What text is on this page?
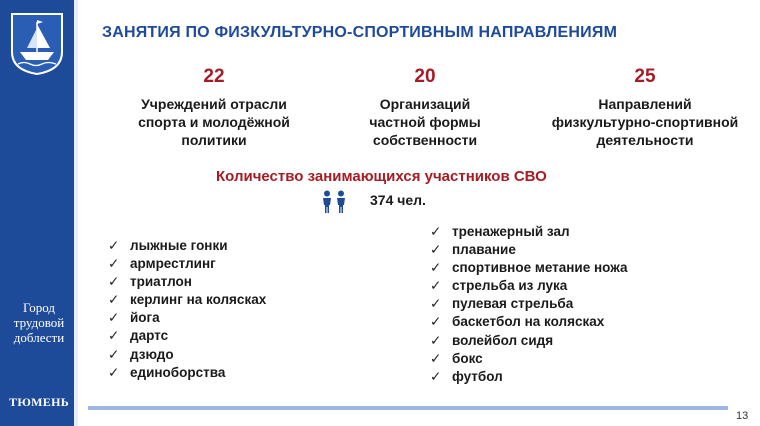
Город
трудовой
доблести
ТЮМЕНЬ
ЗАНЯТИЯ ПО ФИЗКУЛЬТУРНО-СПОРТИВНЫМ НАПРАВЛЕНИЯМ
22
Учреждений отрасли
спорта и молодёжной
политики
20
Организаций
частной формы
собственности
25
Направлений
физкультурно-спортивной
деятельности
Количество занимающихся участников СВО
374 чел.
✓ лыжные гонки
✓ армрестлинг
✓ триатлон
✓ керлинг на колясках
✓ йога
✓ дартс
✓ дзюдо
✓ единоборства
✓ тренажерный зал
✓ плавание
✓ спортивное метание ножа
✓ стрельба из лука
✓ пулевая стрельба
✓ баскетбол на колясках
✓ волейбол сидя
✓ бокс
✓ футбол
13
